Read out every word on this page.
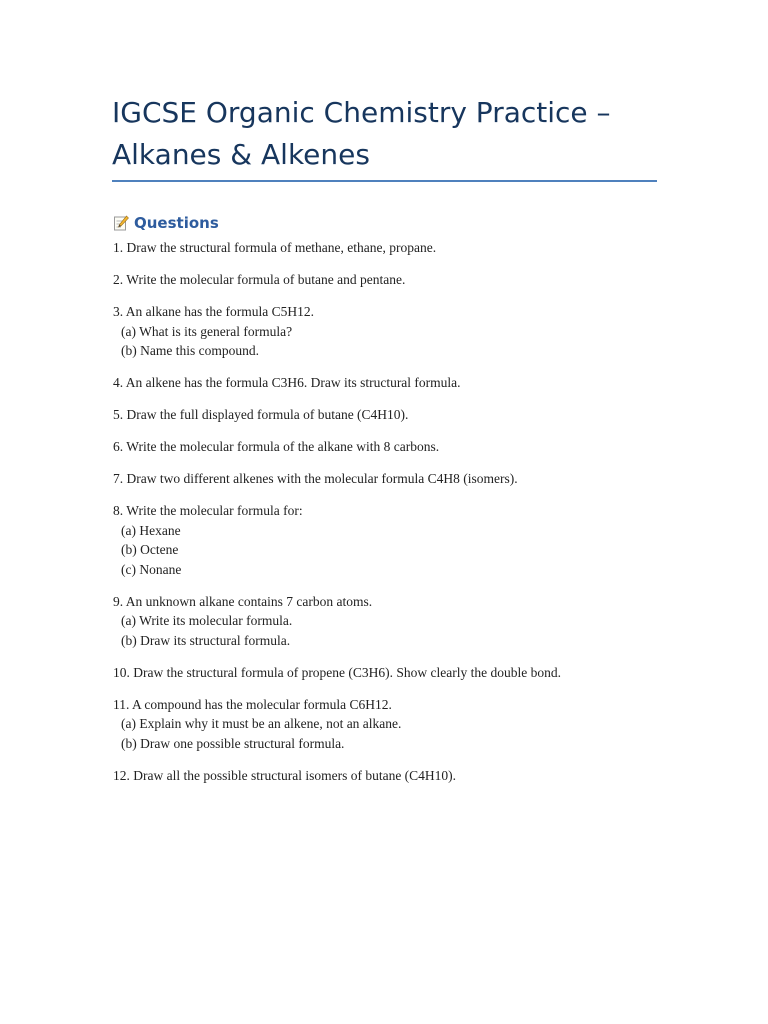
IGCSE Organic Chemistry Practice –
Alkanes & Alkenes
Questions
1. Draw the structural formula of methane, ethane, propane.
2. Write the molecular formula of butane and pentane.
3. An alkane has the formula C5H12.
(a) What is its general formula?
(b) Name this compound.
4. An alkene has the formula C3H6. Draw its structural formula.
5. Draw the full displayed formula of butane (C4H10).
6. Write the molecular formula of the alkane with 8 carbons.
7. Draw two different alkenes with the molecular formula C4H8 (isomers).
8. Write the molecular formula for:
(a) Hexane
(b) Octene
(c) Nonane
9. An unknown alkane contains 7 carbon atoms.
(a) Write its molecular formula.
(b) Draw its structural formula.
10. Draw the structural formula of propene (C3H6). Show clearly the double bond.
11. A compound has the molecular formula C6H12.
(a) Explain why it must be an alkene, not an alkane.
(b) Draw one possible structural formula.
12. Draw all the possible structural isomers of butane (C4H10).
